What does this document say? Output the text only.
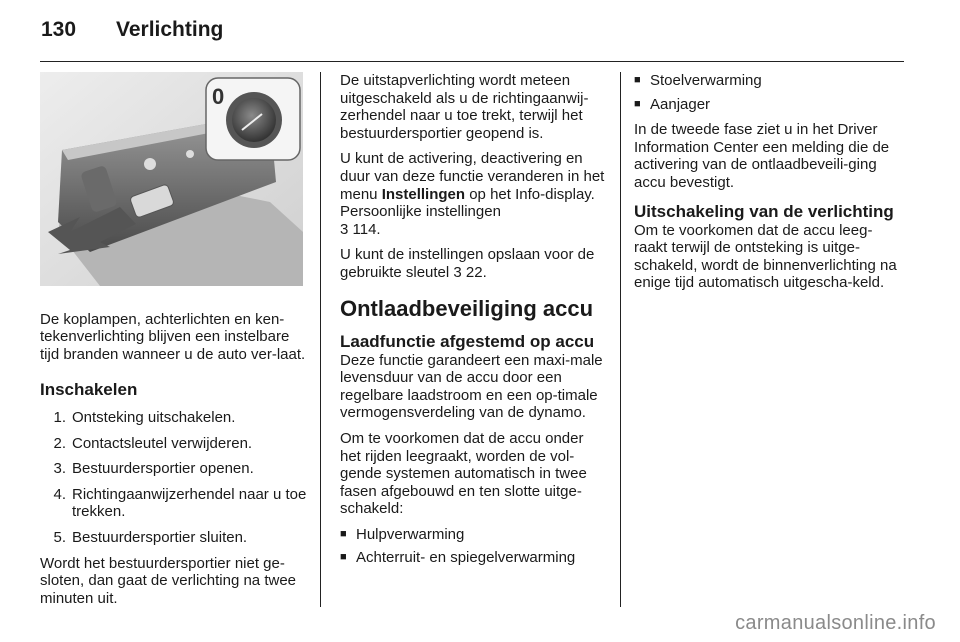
130 Verlichting
0

De koplampen, achterlichten en ken-tekenverlichting blijven een instelbare tijd branden wanneer u de auto ver-laat.

Inschakelen
1. Ontsteking uitschakelen.
2. Contactsleutel verwijderen.
3. Bestuurdersportier openen.
4. Richtingaanwijzerhendel naar u toe trekken.
5. Bestuurdersportier sluiten.

Wordt het bestuurdersportier niet ge-sloten, dan gaat de verlichting na twee minuten uit.

De uitstapverlichting wordt meteen uitgeschakeld als u de richtingaanwij-zerhendel naar u toe trekt, terwijl het bestuurdersportier geopend is.

U kunt de activering, deactivering en duur van deze functie veranderen in het menu Instellingen op het Info-display. Persoonlijke instellingen
3 114.

U kunt de instellingen opslaan voor de gebruikte sleutel 3 22.

Ontlaadbeveiliging accu
Laadfunctie afgestemd op accu

Deze functie garandeert een maxi-male levensduur van de accu door een regelbare laadstroom en een op-timale vermogensverdeling van de dynamo.

Om te voorkomen dat de accu onder het rijden leegraakt, worden de vol-gende systemen automatisch in twee fasen afgebouwd en ten slotte uitge-schakeld:

■ Hulpverwarming
■ Achterruit- en spiegelverwarming
■ Stoelverwarming
■ Aanjager

In de tweede fase ziet u in het Driver Information Center een melding die de activering van de ontlaadbeveili-ging accu bevestigt.

Uitschakeling van de verlichting

Om te voorkomen dat de accu leeg-raakt terwijl de ontsteking is uitge-schakeld, wordt de binnenverlichting na enige tijd automatisch uitgescha-keld.

carmanualsonline.info
